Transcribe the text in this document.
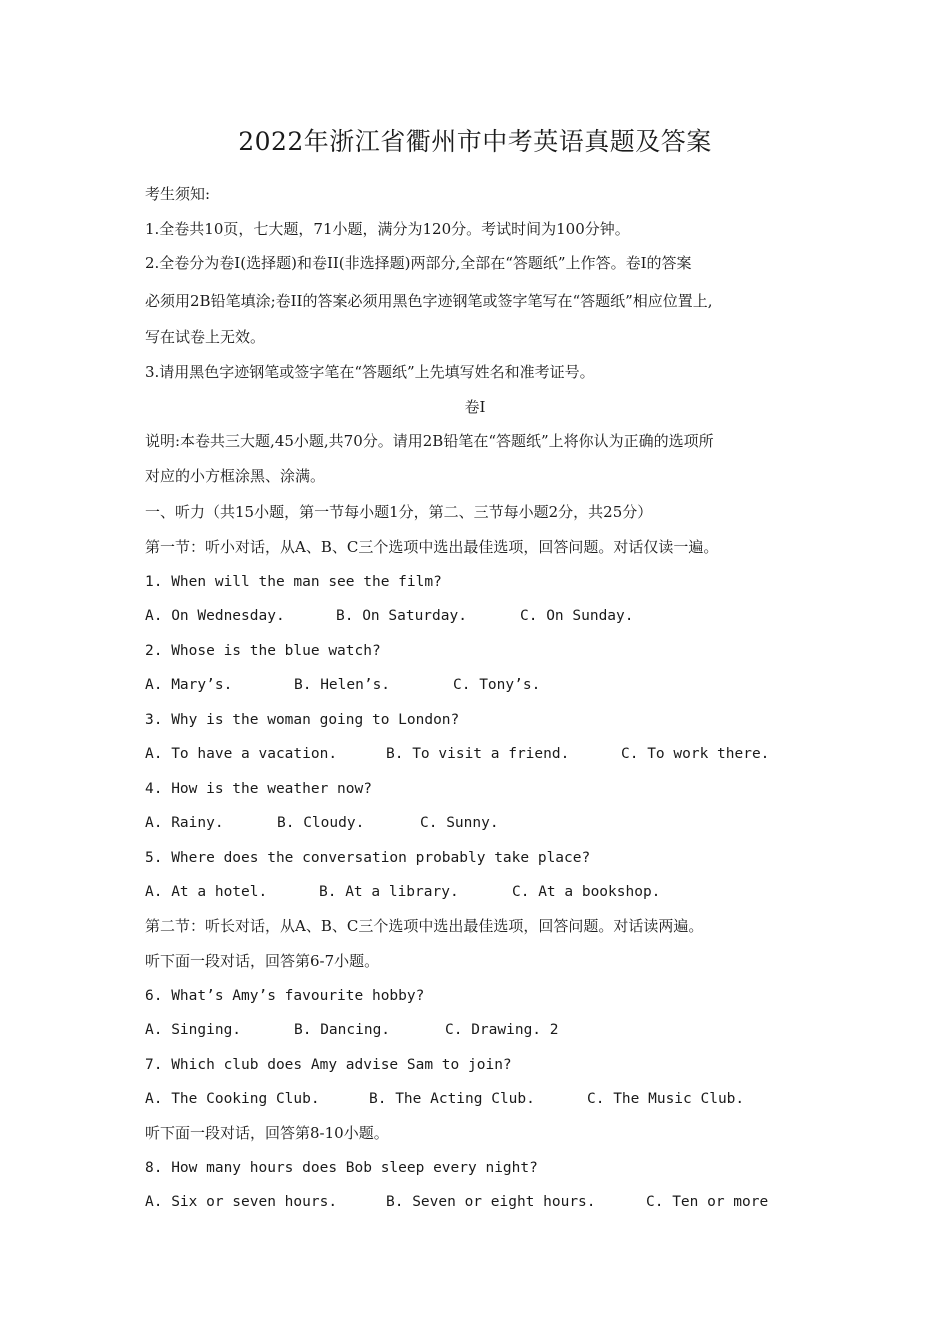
2022年浙江省衢州市中考英语真题及答案
考生须知:
1.全卷共10页，七大题，71小题，满分为120分。考试时间为100分钟。
2.全卷分为卷I(选择题)和卷II(非选择题)两部分,全部在“答题纸”上作答。卷I的答案
必须用2B铅笔填涂;卷II的答案必须用黑色字迹钢笔或签字笔写在“答题纸”相应位置上,
写在试卷上无效。
3.请用黑色字迹钢笔或签字笔在“答题纸”上先填写姓名和准考证号。
卷I
说明:本卷共三大题,45小题,共70分。请用2B铅笔在“答题纸”上将你认为正确的选项所
对应的小方框涂黑、涂满。
一、听力（共15小题，第一节每小题1分，第二、三节每小题2分，共25分）
第一节：听小对话，从A、B、C三个选项中选出最佳选项，回答问题。对话仅读一遍。
1. When will the man see the film?
A. On Wednesday.	B. On Saturday.	C. On Sunday.
2. Whose is the blue watch?
A. Mary’s.	B. Helen’s.	C. Tony’s.
3. Why is the woman going to London?
A. To have a vacation.	B. To visit a friend.	C. To work there.
4. How is the weather now?
A. Rainy.	B. Cloudy.	C. Sunny.
5. Where does the conversation probably take place?
A. At a hotel.	B. At a library.	C. At a bookshop.
第二节：听长对话，从A、B、C三个选项中选出最佳选项，回答问题。对话读两遍。
听下面一段对话，回答第6-7小题。
6. What’s Amy’s favourite hobby?
A. Singing.	B. Dancing.	C. Drawing. 2
7. Which club does Amy advise Sam to join?
A. The Cooking Club.	B. The Acting Club.	C. The Music Club.
听下面一段对话，回答第8-10小题。
8. How many hours does Bob sleep every night?
A. Six or seven hours.	B. Seven or eight hours.	C. Ten or more
